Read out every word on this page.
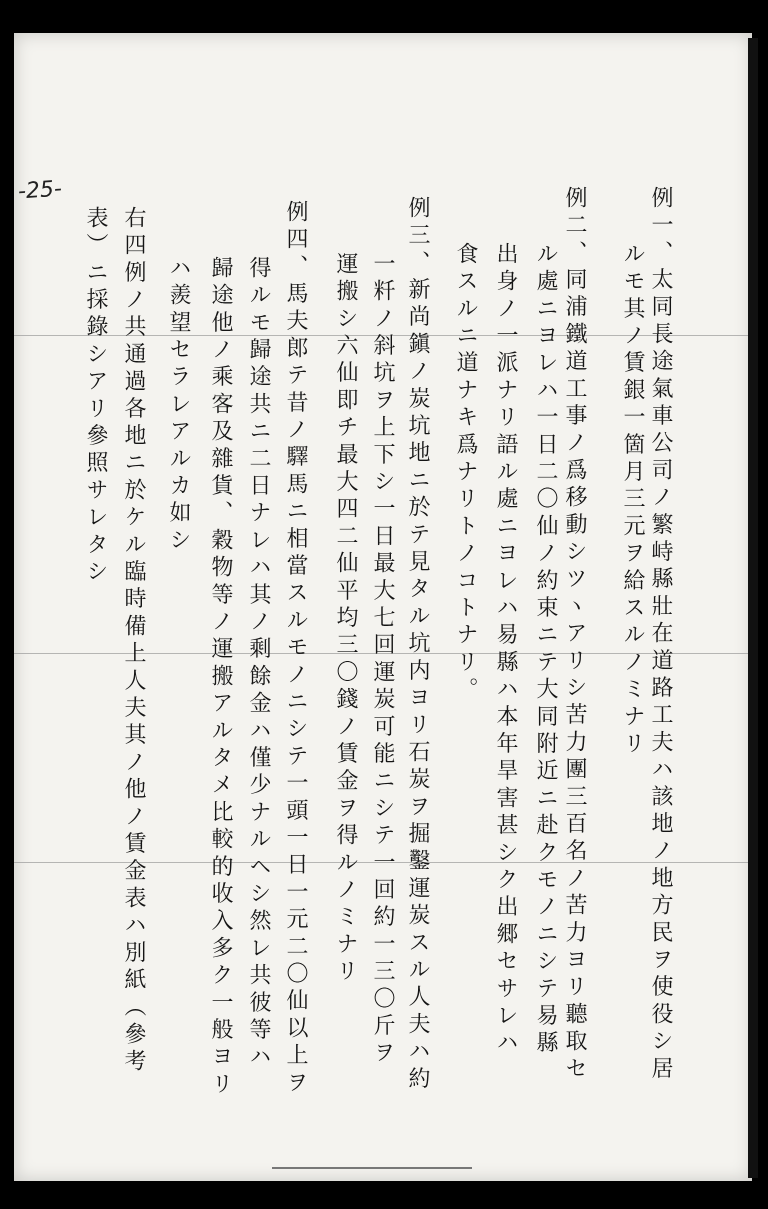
-25-	例一、太同長途氣車公司ノ繁峙縣壯在道路工夫ハ該地ノ地方民ヲ使役シ居
ルモ其ノ賃銀一箇月三元ヲ給スルノミナリ
例二、同浦鐵道工事ノ爲移動シツヽアリシ苦力團三百名ノ苦力ヨリ聽取セ
ル處ニヨレハ一日二〇仙ノ約束ニテ大同附近ニ赴クモノニシテ易縣
出身ノ一派ナリ語ル處ニヨレハ易縣ハ本年旱害甚シク出郷セサレハ
食スルニ道ナキ爲ナリトノコトナリ。
例三、新尚鎭ノ炭坑地ニ於テ見タル坑内ヨリ石炭ヲ掘鑿運炭スル人夫ハ約
一粁ノ斜坑ヲ上下シ一日最大七回運炭可能ニシテ一回約一三〇斤ヲ
運搬シ六仙即チ最大四二仙平均三〇錢ノ賃金ヲ得ルノミナリ
例四、馬夫郎テ昔ノ驛馬ニ相當スルモノニシテ一頭一日一元二〇仙以上ヲ
得ルモ歸途共ニ二日ナレハ其ノ剩餘金ハ僅少ナルヘシ然レ共彼等ハ
歸途他ノ乘客及雜貨、穀物等ノ運搬アルタメ比較的收入多ク一般ヨリ
ハ羨望セラレアルカ如シ
右四例ノ共通過各地ニ於ケル臨時備上人夫其ノ他ノ賃金表ハ別紙（參考
表）ニ採錄シアリ參照サレタシ
